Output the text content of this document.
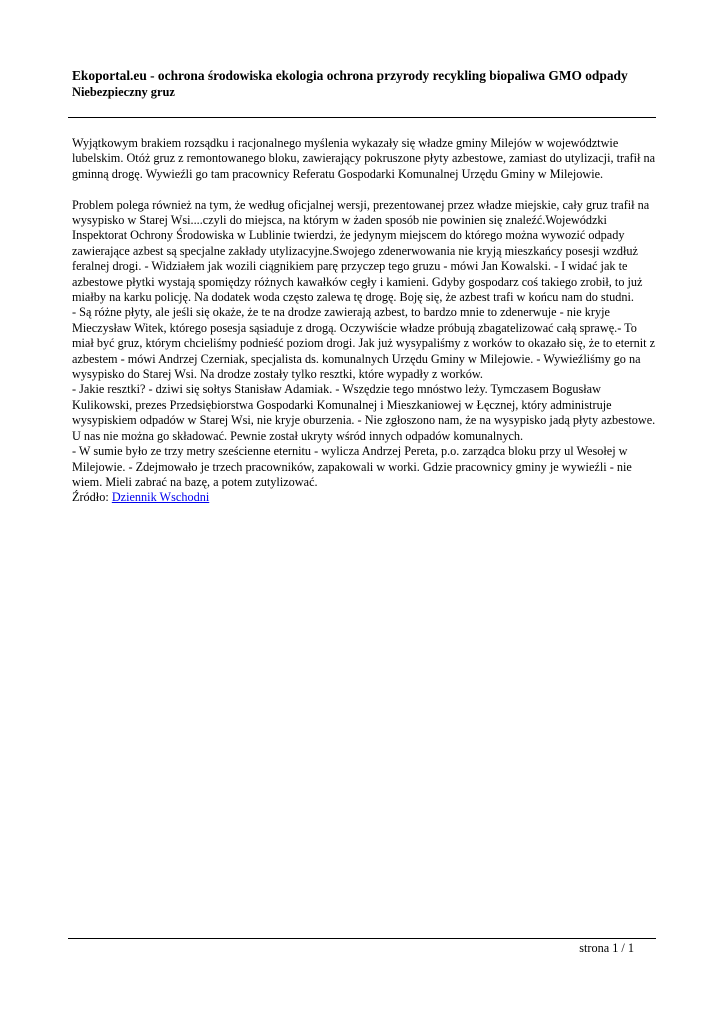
Ekoportal.eu - ochrona środowiska ekologia ochrona przyrody recykling biopaliwa GMO odpady
Niebezpieczny gruz

Wyjątkowym brakiem rozsądku i racjonalnego myślenia wykazały się władze gminy Milejów w województwie lubelskim. Otóż gruz z remontowanego bloku, zawierający pokruszone płyty azbestowe, zamiast do utylizacji, trafił na gminną drogę. Wywieźli go tam pracownicy Referatu Gospodarki Komunalnej Urzędu Gminy w Milejowie.

Problem polega również na tym, że według oficjalnej wersji, prezentowanej przez władze miejskie, cały gruz trafił na wysypisko w Starej Wsi....czyli do miejsca, na którym w żaden sposób nie powinien się znaleźć.Wojewódzki Inspektorat Ochrony Środowiska w Lublinie twierdzi, że jedynym miejscem do którego można wywozić odpady zawierające azbest są specjalne zakłady utylizacyjne.Swojego zdenerwowania nie kryją mieszkańcy posesji wzdłuż feralnej drogi. - Widziałem jak wozili ciągnikiem parę przyczep tego gruzu - mówi Jan Kowalski. - I widać jak te azbestowe płytki wystają spomiędzy różnych kawałków cegły i kamieni. Gdyby gospodarz coś takiego zrobił, to już miałby na karku policję. Na dodatek woda często zalewa tę drogę. Boję się, że azbest trafi w końcu nam do studni.

- Są różne płyty, ale jeśli się okaże, że te na drodze zawierają azbest, to bardzo mnie to zdenerwuje - nie kryje Mieczysław Witek, którego posesja sąsiaduje z drogą. Oczywiście władze próbują zbagatelizować całą sprawę.- To miał być gruz, którym chcieliśmy podnieść poziom drogi. Jak już wysypaliśmy z worków to okazało się, że to eternit z azbestem - mówi Andrzej Czerniak, specjalista ds. komunalnych Urzędu Gminy w Milejowie. - Wywieźliśmy go na wysypisko do Starej Wsi. Na drodze zostały tylko resztki, które wypadły z worków.

- Jakie resztki? - dziwi się sołtys Stanisław Adamiak. - Wszędzie tego mnóstwo leży. Tymczasem Bogusław Kulikowski, prezes Przedsiębiorstwa Gospodarki Komunalnej i Mieszkaniowej w Łęcznej, który administruje wysypiskiem odpadów w Starej Wsi, nie kryje oburzenia. - Nie zgłoszono nam, że na wysypisko jadą płyty azbestowe. U nas nie można go składować. Pewnie został ukryty wśród innych odpadów komunalnych.

- W sumie było ze trzy metry sześcienne eternitu - wylicza Andrzej Pereta, p.o. zarządca bloku przy ul Wesołej w Milejowie. - Zdejmowało je trzech pracowników, zapakowali w worki. Gdzie pracownicy gminy je wywieźli - nie wiem. Mieli zabrać na bazę, a potem zutylizować.

Źródło: Dziennik Wschodni

strona 1 / 1
